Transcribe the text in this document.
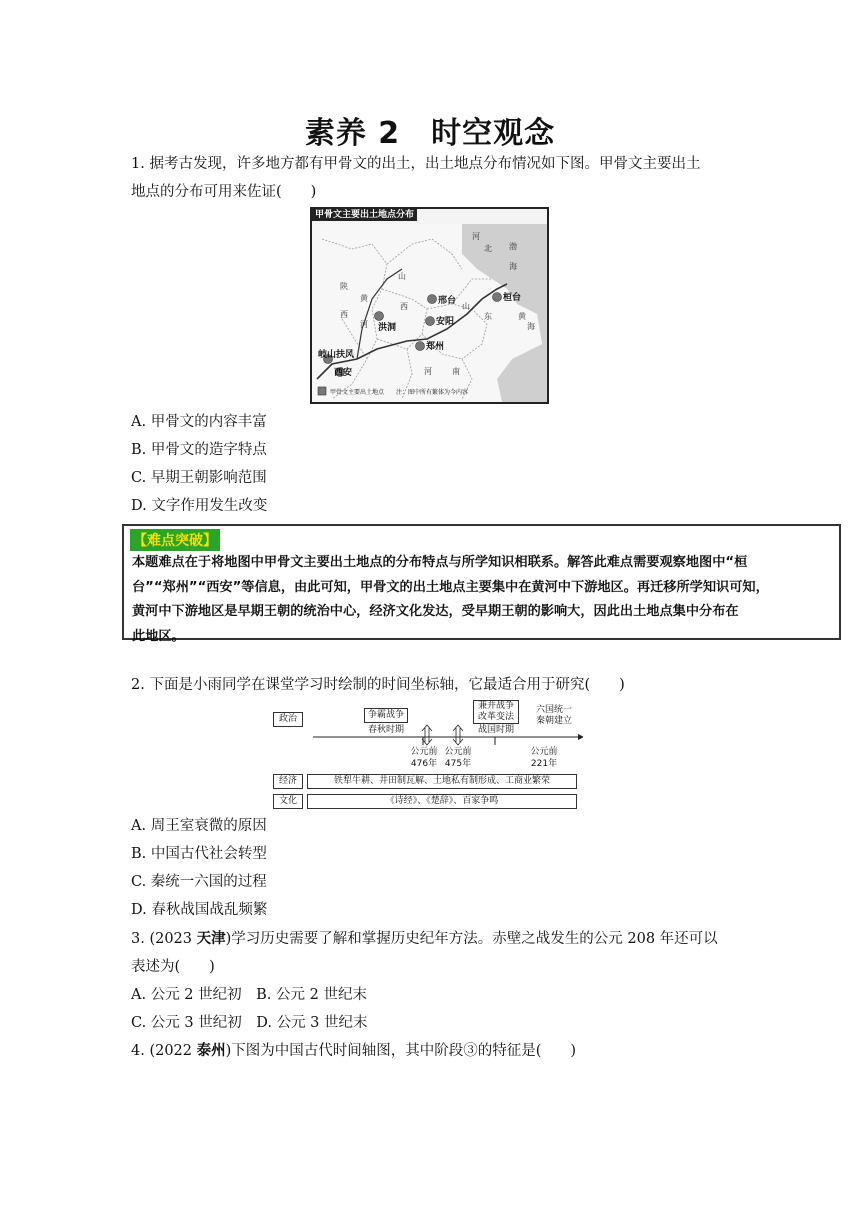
素养 2　时空观念
1. 据考古发现，许多地方都有甲骨文的出土，出土地点分布情况如下图。甲骨文主要出土
地点的分布可用来佐证(　　)
甲骨文主要出土地点分布
河
北
山
西	山
东
陕
西
河	南
渤
海
黄
海
黄
河
桓台
邢台
安阳
洪洞
郑州
岐山扶风
西安
甲骨文主要出土地点　　注：图中所有繁体为今内容
A. 甲骨文的内容丰富
B. 甲骨文的造字特点
C. 早期王朝影响范围
D. 文字作用发生改变
【难点突破】
本题难点在于将地图中甲骨文主要出土地点的分布特点与所学知识相联系。解答此难点需要观察地图中“桓
台”“郑州”“西安”等信息，由此可知，甲骨文的出土地点主要集中在黄河中下游地区。再迁移所学知识可知，
黄河中下游地区是早期王朝的统治中心，经济文化发达，受早期王朝的影响大，因此出土地点集中分布在
此地区。
2. 下面是小雨同学在课堂学习时绘制的时间坐标轴，它最适合用于研究(　　)
政治	争霸战争
春秋时期
兼并战争
改革变法
战国时期
六国统一
秦朝建立
公元前
476年
公元前
475年
公元前
221年
经济	铁犁牛耕、井田制瓦解、土地私有制形成、工商业繁荣
文化	《诗经》、《楚辞》、百家争鸣
A. 周王室衰微的原因
B. 中国古代社会转型
C. 秦统一六国的过程
D. 春秋战国战乱频繁
3. (2023 天津)学习历史需要了解和掌握历史纪年方法。赤壁之战发生的公元 208 年还可以
表述为(　　)
A. 公元 2 世纪初　B. 公元 2 世纪末
C. 公元 3 世纪初　D. 公元 3 世纪末
4. (2022 泰州)下图为中国古代时间轴图，其中阶段③的特征是(　　)
